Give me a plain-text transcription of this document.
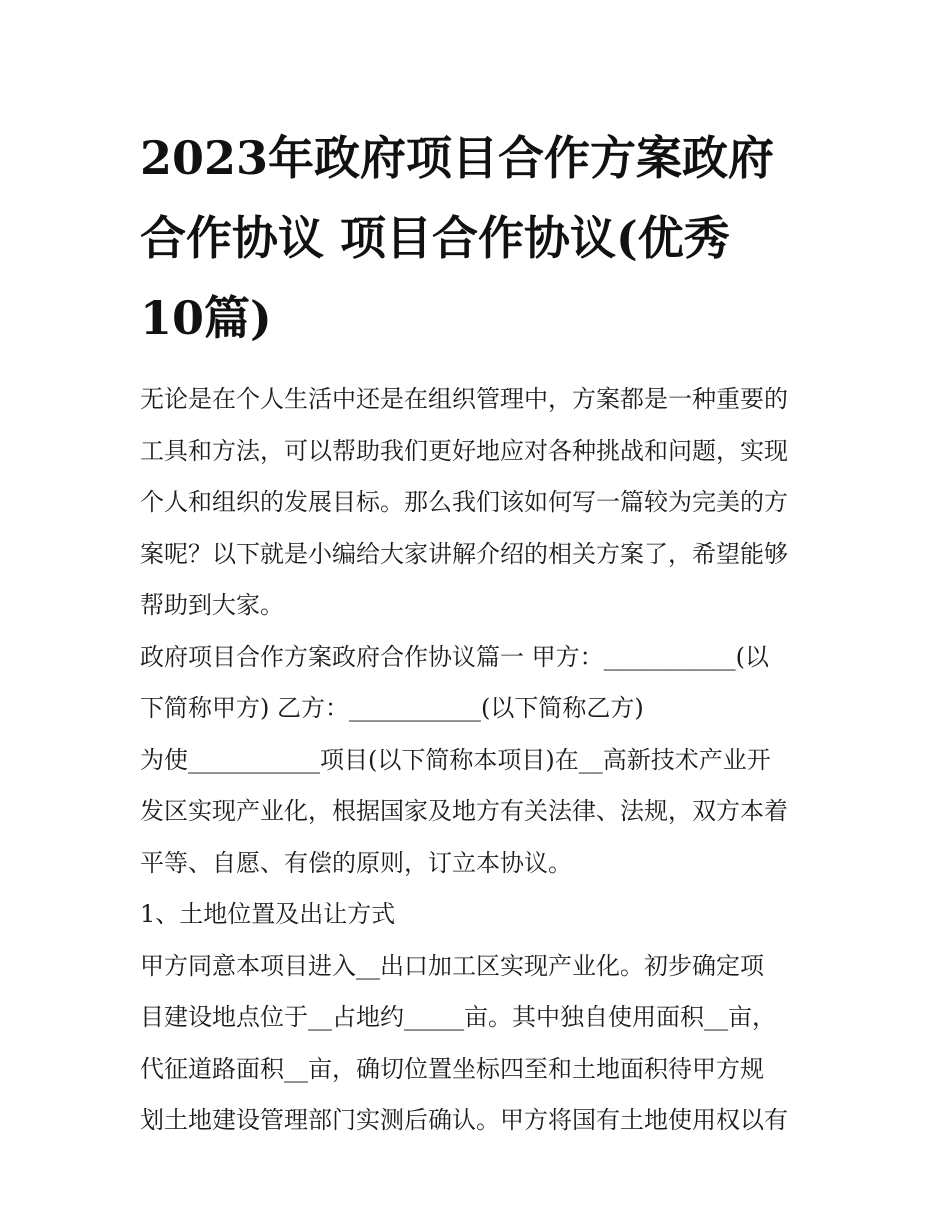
2023年政府项目合作方案政府
合作协议 项目合作协议(优秀
10篇)
无论是在个人生活中还是在组织管理中，方案都是一种重要的
工具和方法，可以帮助我们更好地应对各种挑战和问题，实现
个人和组织的发展目标。那么我们该如何写一篇较为完美的方
案呢？以下就是小编给大家讲解介绍的相关方案了，希望能够
帮助到大家。
政府项目合作方案政府合作协议篇一 甲方：___________(以
下简称甲方) 乙方：___________(以下简称乙方)
为使___________项目(以下简称本项目)在__高新技术产业开
发区实现产业化，根据国家及地方有关法律、法规，双方本着
平等、自愿、有偿的原则，订立本协议。
1、土地位置及出让方式
甲方同意本项目进入__出口加工区实现产业化。初步确定项
目建设地点位于__占地约_____亩。其中独自使用面积__亩，
代征道路面积__亩，确切位置坐标四至和土地面积待甲方规
划土地建设管理部门实测后确认。甲方将国有土地使用权以有
